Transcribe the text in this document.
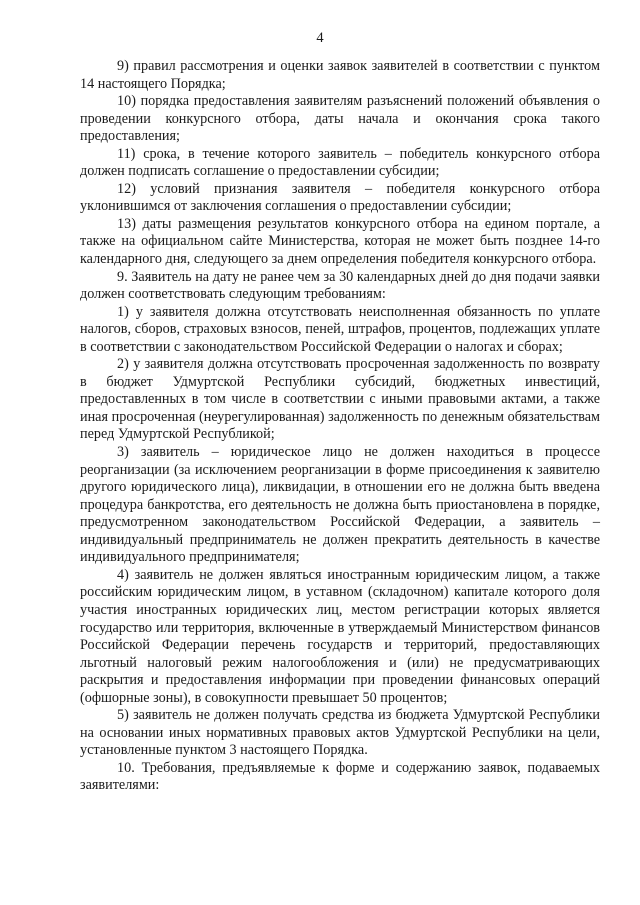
4

9) правил рассмотрения и оценки заявок заявителей в соответствии с пунктом 14 настоящего Порядка;

10) порядка предоставления заявителям разъяснений положений объявления о проведении конкурсного отбора, даты начала и окончания срока такого предоставления;

11) срока, в течение которого заявитель – победитель конкурсного отбора должен подписать соглашение о предоставлении субсидии;

12) условий признания заявителя – победителя конкурсного отбора уклонившимся от заключения соглашения о предоставлении субсидии;

13) даты размещения результатов конкурсного отбора на едином портале, а также на официальном сайте Министерства, которая не может быть позднее 14-го календарного дня, следующего за днем определения победителя конкурсного отбора.

9. Заявитель на дату не ранее чем за 30 календарных дней до дня подачи заявки должен соответствовать следующим требованиям:

1) у заявителя должна отсутствовать неисполненная обязанность по уплате налогов, сборов, страховых взносов, пеней, штрафов, процентов, подлежащих уплате в соответствии с законодательством Российской Федерации о налогах и сборах;

2) у заявителя должна отсутствовать просроченная задолженность по возврату в бюджет Удмуртской Республики субсидий, бюджетных инвестиций, предоставленных в том числе в соответствии с иными правовыми актами, а также иная просроченная (неурегулированная) задолженность по денежным обязательствам перед Удмуртской Республикой;

3) заявитель – юридическое лицо не должен находиться в процессе реорганизации (за исключением реорганизации в форме присоединения к заявителю другого юридического лица), ликвидации, в отношении его не должна быть введена процедура банкротства, его деятельность не должна быть приостановлена в порядке, предусмотренном законодательством Российской Федерации, а заявитель – индивидуальный предприниматель не должен прекратить деятельность в качестве индивидуального предпринимателя;

4) заявитель не должен являться иностранным юридическим лицом, а также российским юридическим лицом, в уставном (складочном) капитале которого доля участия иностранных юридических лиц, местом регистрации которых является государство или территория, включенные в утверждаемый Министерством финансов Российской Федерации перечень государств и территорий, предоставляющих льготный налоговый режим налогообложения и (или) не предусматривающих раскрытия и предоставления информации при проведении финансовых операций (офшорные зоны), в совокупности превышает 50 процентов;

5) заявитель не должен получать средства из бюджета Удмуртской Республики на основании иных нормативных правовых актов Удмуртской Республики на цели, установленные пунктом 3 настоящего Порядка.

10. Требования, предъявляемые к форме и содержанию заявок, подаваемых заявителями:
